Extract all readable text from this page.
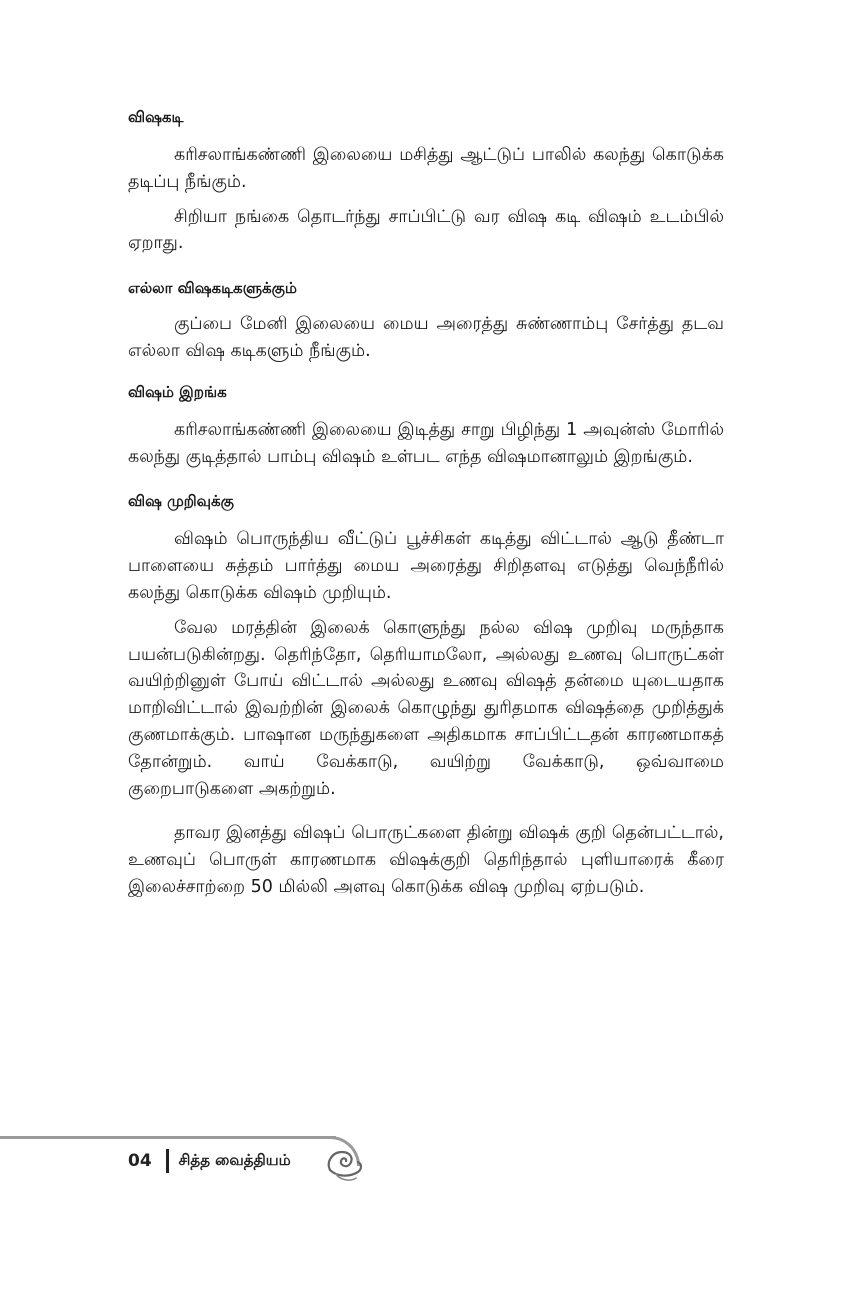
விஷகடி

கரிசலாங்கண்ணி இலையை மசித்து ஆட்டுப் பாலில் கலந்து கொடுக்க தடிப்பு நீங்கும்.

சிறியா நங்கை தொடர்ந்து சாப்பிட்டு வர விஷ கடி விஷம் உடம்பில் ஏறாது.

எல்லா விஷகடிகளுக்கும்

குப்பை மேனி இலையை மைய அரைத்து சுண்ணாம்பு சேர்த்து தடவ எல்லா விஷ கடிகளும் நீங்கும்.

விஷம் இறங்க

கரிசலாங்கண்ணி இலையை இடித்து சாறு பிழிந்து 1 அவுன்ஸ் மோரில் கலந்து குடித்தால் பாம்பு விஷம் உள்பட எந்த விஷமானாலும் இறங்கும்.

விஷ முறிவுக்கு

விஷம் பொருந்திய வீட்டுப் பூச்சிகள் கடித்து விட்டால் ஆடு தீண்டா பாளையை சுத்தம் பார்த்து மைய அரைத்து சிறிதளவு எடுத்து வெந்நீரில் கலந்து கொடுக்க விஷம் முறியும்.

வேல மரத்தின் இலைக் கொளுந்து நல்ல விஷ முறிவு மருந்தாக பயன்படுகின்றது. தெரிந்தோ, தெரியாமலோ, அல்லது உணவு பொருட்கள் வயிற்றினுள் போய் விட்டால் அல்லது உணவு விஷத் தன்மை யுடையதாக மாறிவிட்டால் இவற்றின் இலைக் கொழுந்து துரிதமாக விஷத்தை முறித்துக் குணமாக்கும். பாஷான மருந்துகளை அதிகமாக சாப்பிட்டதன் காரணமாகத் தோன்றும். வாய் வேக்காடு, வயிற்று வேக்காடு, ஒவ்வாமை குறைபாடுகளை அகற்றும்.

தாவர இனத்து விஷப் பொருட்களை தின்று விஷக் குறி தென்பட்டால், உணவுப் பொருள் காரணமாக விஷக்குறி தெரிந்தால் புளியாரைக் கீரை இலைச்சாற்றை 50 மில்லி அளவு கொடுக்க விஷ முறிவு ஏற்படும்.

04 சித்த வைத்தியம்
